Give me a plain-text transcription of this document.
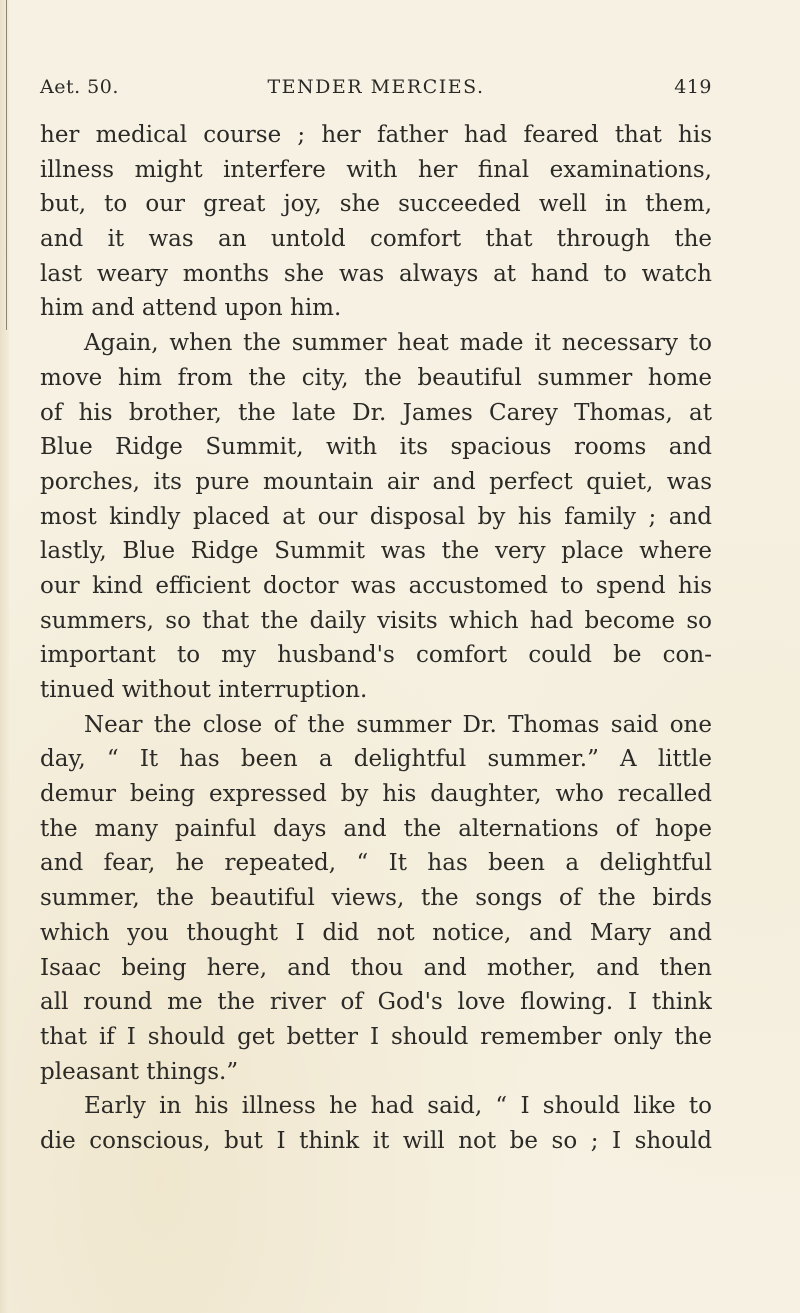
Aet. 50.	TENDER MERCIES.	419
her medical course ; her father had feared that his
illness might interfere with her final examinations,
but, to our great joy, she succeeded well in them,
and it was an untold comfort that through the
last weary months she was always at hand to watch
him and attend upon him.
Again, when the summer heat made it necessary to
move him from the city, the beautiful summer home
of his brother, the late Dr. James Carey Thomas, at
Blue Ridge Summit, with its spacious rooms and
porches, its pure mountain air and perfect quiet, was
most kindly placed at our disposal by his family ; and
lastly, Blue Ridge Summit was the very place where
our kind efficient doctor was accustomed to spend his
summers, so that the daily visits which had become so
important to my husband's comfort could be con-
tinued without interruption.
Near the close of the summer Dr. Thomas said one
day, “ It has been a delightful summer.” A little
demur being expressed by his daughter, who recalled
the many painful days and the alternations of hope
and fear, he repeated, “ It has been a delightful
summer, the beautiful views, the songs of the birds
which you thought I did not notice, and Mary and
Isaac being here, and thou and mother, and then
all round me the river of God's love flowing. I think
that if I should get better I should remember only the
pleasant things.”
Early in his illness he had said, “ I should like to
die conscious, but I think it will not be so ; I should
